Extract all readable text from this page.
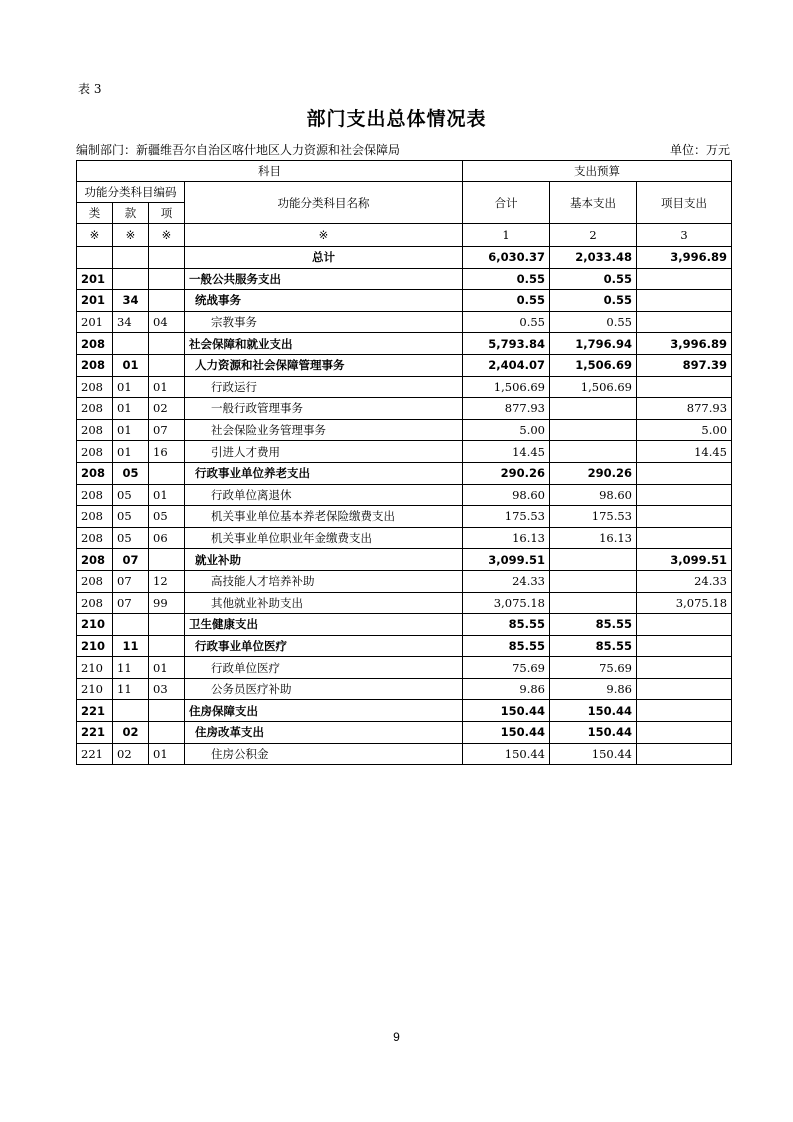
表 3
部门支出总体情况表
编制部门：新疆维吾尔自治区喀什地区人力资源和社会保障局	单位：万元
科目				支出预算		
功能分类科目编码			功能分类科目名称	合计	基本支出	项目支出
类	款	项				
※	※	※	※	1	2	3
			总计	6,030.37	2,033.48	3,996.89
201			一般公共服务支出	0.55	0.55	
201	34		统战事务	0.55	0.55	
201	34	04	宗教事务	0.55	0.55	
208			社会保障和就业支出	5,793.84	1,796.94	3,996.89
208	01		人力资源和社会保障管理事务	2,404.07	1,506.69	897.39
208	01	01	行政运行	1,506.69	1,506.69	
208	01	02	一般行政管理事务	877.93		877.93
208	01	07	社会保险业务管理事务	5.00		5.00
208	01	16	引进人才费用	14.45		14.45
208	05		行政事业单位养老支出	290.26	290.26	
208	05	01	行政单位离退休	98.60	98.60	
208	05	05	机关事业单位基本养老保险缴费支出	175.53	175.53	
208	05	06	机关事业单位职业年金缴费支出	16.13	16.13	
208	07		就业补助	3,099.51		3,099.51
208	07	12	高技能人才培养补助	24.33		24.33
208	07	99	其他就业补助支出	3,075.18		3,075.18
210			卫生健康支出	85.55	85.55	
210	11		行政事业单位医疗	85.55	85.55	
210	11	01	行政单位医疗	75.69	75.69	
210	11	03	公务员医疗补助	9.86	9.86	
221			住房保障支出	150.44	150.44	
221	02		住房改革支出	150.44	150.44	
221	02	01	住房公积金	150.44	150.44	
9
